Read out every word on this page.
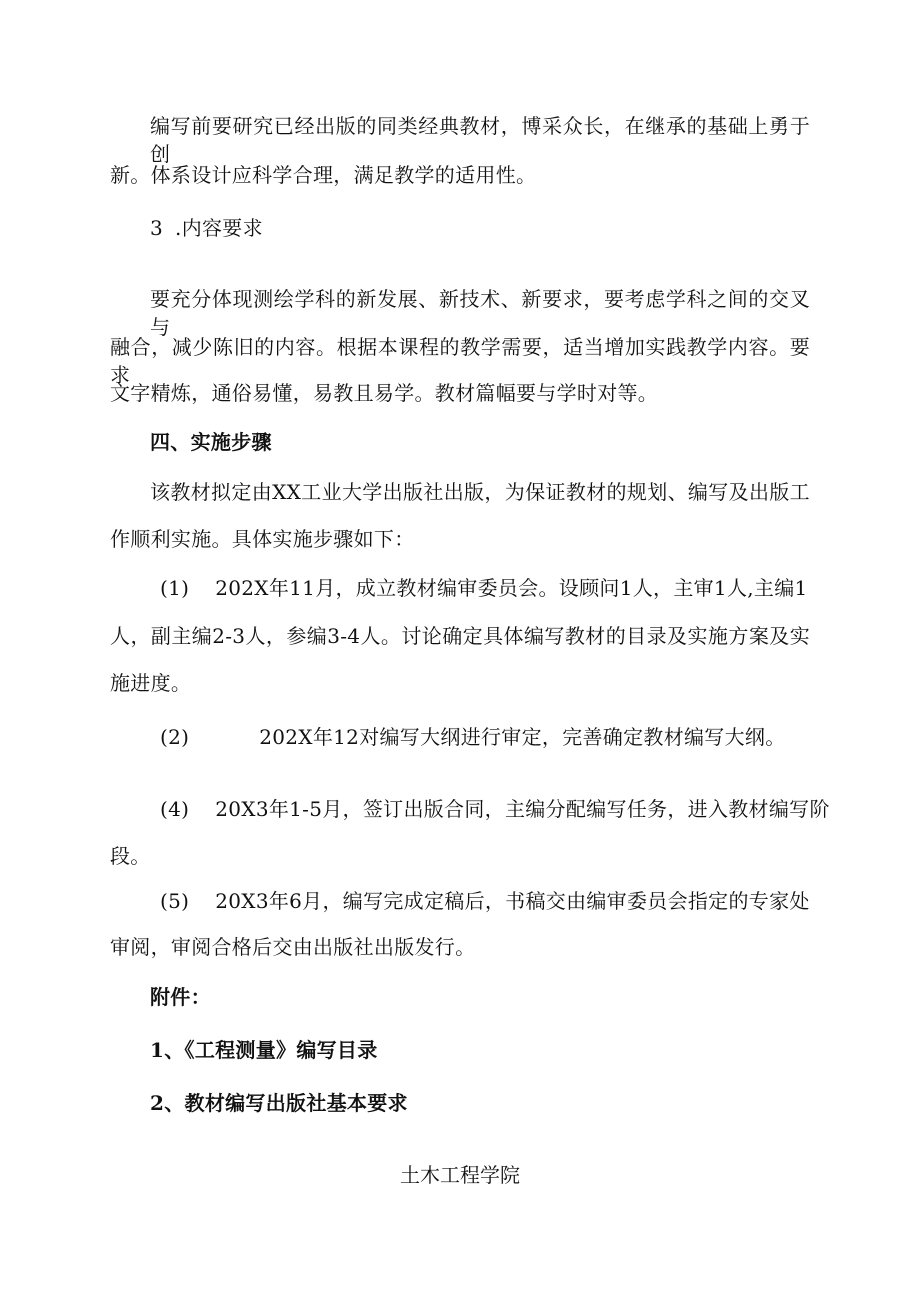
编写前要研究已经出版的同类经典教材，博采众长，在继承的基础上勇于创
新。体系设计应科学合理，满足教学的适用性。
3 .内容要求
要充分体现测绘学科的新发展、新技术、新要求，要考虑学科之间的交叉与
融合，减少陈旧的内容。根据本课程的教学需要，适当增加实践教学内容。要求
文字精炼，通俗易懂，易教且易学。教材篇幅要与学时对等。
四、实施步骤
该教材拟定由XX工业大学出版社出版，为保证教材的规划、编写及出版工
作顺利实施。具体实施步骤如下：
(1) 202X年11月，成立教材编审委员会。设顾问1人，主审1人,主编1
人，副主编2-3人，参编3-4人。讨论确定具体编写教材的目录及实施方案及实
施进度。
(2)	202X年12对编写大纲进行审定，完善确定教材编写大纲。
(4) 20X3年1-5月，签订出版合同，主编分配编写任务，进入教材编写阶
段。
(5) 20X3年6月，编写完成定稿后，书稿交由编审委员会指定的专家处
审阅，审阅合格后交由出版社出版发行。
附件：
1、《工程测量》编写目录
2、教材编写出版社基本要求
土木工程学院
